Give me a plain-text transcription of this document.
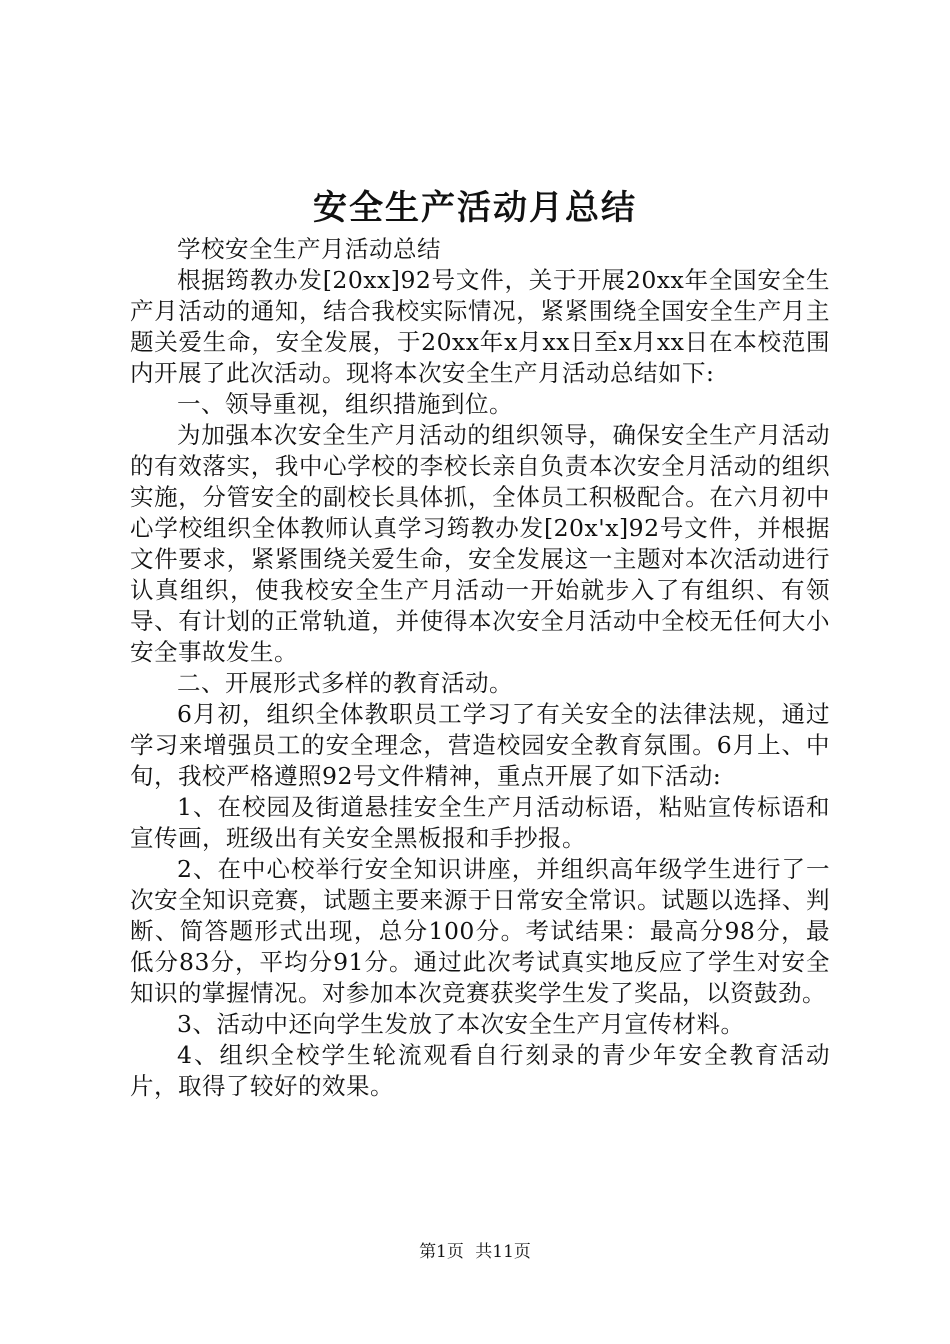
安全生产活动月总结

学校安全生产月活动总结

根据筠教办发[20xx]92号文件，关于开展20xx年全国安全生产月活动的通知，结合我校实际情况，紧紧围绕全国安全生产月主题关爱生命，安全发展，于20xx年x月xx日至x月xx日在本校范围内开展了此次活动。现将本次安全生产月活动总结如下:

一、领导重视，组织措施到位。

为加强本次安全生产月活动的组织领导，确保安全生产月活动的有效落实，我中心学校的李校长亲自负责本次安全月活动的组织实施，分管安全的副校长具体抓，全体员工积极配合。在六月初中心学校组织全体教师认真学习筠教办发[20x'x]92号文件，并根据文件要求，紧紧围绕关爱生命，安全发展这一主题对本次活动进行认真组织，使我校安全生产月活动一开始就步入了有组织、有领导、有计划的正常轨道，并使得本次安全月活动中全校无任何大小安全事故发生。

二、开展形式多样的教育活动。

6月初，组织全体教职员工学习了有关安全的法律法规，通过学习来增强员工的安全理念，营造校园安全教育氛围。6月上、中旬，我校严格遵照92号文件精神，重点开展了如下活动:

1、在校园及街道悬挂安全生产月活动标语，粘贴宣传标语和宣传画，班级出有关安全黑板报和手抄报。

2、在中心校举行安全知识讲座，并组织高年级学生进行了一次安全知识竞赛，试题主要来源于日常安全常识。试题以选择、判断、简答题形式出现，总分100分。考试结果：最高分98分，最低分83分，平均分91分。通过此次考试真实地反应了学生对安全知识的掌握情况。对参加本次竞赛获奖学生发了奖品，以资鼓劲。

3、活动中还向学生发放了本次安全生产月宣传材料。

4、组织全校学生轮流观看自行刻录的青少年安全教育活动片，取得了较好的效果。

第1页 共11页
